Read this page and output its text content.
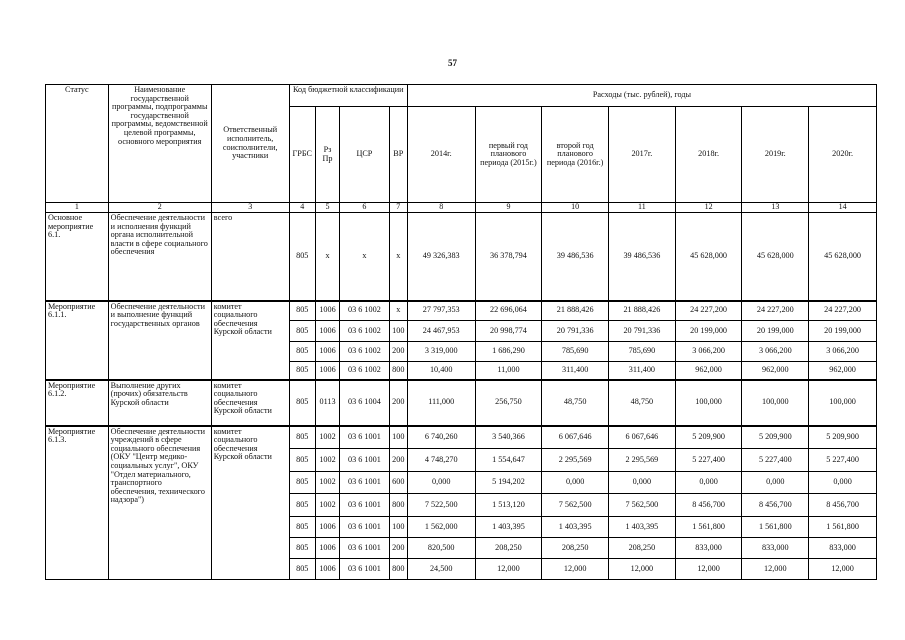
57
Статус	Наименование государственной программы, подпрограммы государственной программы, ведомственной целевой программы, основного мероприятия	Ответственный исполнитель, соисполнители, участники	Код бюджетной классификации				Расходы (тыс. рублей), годы						
			ГРБС	Рз Пр	ЦСР	ВР	2014г.	первый год планового периода (2015г.)	второй год планового периода (2016г.)	2017г.	2018г.	2019г.	2020г.
1	2	3	4	5	6	7	8	9	10	11	12	13	14
Основное мероприятие 6.1.	Обеспечение деятельности и исполнения функций органа исполнительной власти в сфере социального обеспечения	всего	805	х	х	х	49 326,383	36 378,794	39 486,536	39 486,536	45 628,000	45 628,000	45 628,000
Мероприятие 6.1.1.	Обеспечение деятельности и выполнение функций государственных органов	комитет социального обеспечения Курской области	805	1006	03 6 1002	х	27 797,353	22 696,064	21 888,426	21 888,426	24 227,200	24 227,200	24 227,200
			805	1006	03 6 1002	100	24 467,953	20 998,774	20 791,336	20 791,336	20 199,000	20 199,000	20 199,000
			805	1006	03 6 1002	200	3 319,000	1 686,290	785,690	785,690	3 066,200	3 066,200	3 066,200
			805	1006	03 6 1002	800	10,400	11,000	311,400	311,400	962,000	962,000	962,000
Мероприятие 6.1.2.	Выполнение других (прочих) обязательств Курской области	комитет социального обеспечения Курской области	805	0113	03 6 1004	200	111,000	256,750	48,750	48,750	100,000	100,000	100,000
Мероприятие 6.1.3.	Обеспечение деятельности учреждений в сфере социального обеспечения (ОКУ "Центр медико-социальных услуг", ОКУ "Отдел материального, транспортного обеспечения, технического надзора")	комитет социального обеспечения Курской области	805	1002	03 6 1001	100	6 740,260	3 540,366	6 067,646	6 067,646	5 209,900	5 209,900	5 209,900
			805	1002	03 6 1001	200	4 748,270	1 554,647	2 295,569	2 295,569	5 227,400	5 227,400	5 227,400
			805	1002	03 6 1001	600	0,000	5 194,202	0,000	0,000	0,000	0,000	0,000
			805	1002	03 6 1001	800	7 522,500	1 513,120	7 562,500	7 562,500	8 456,700	8 456,700	8 456,700
			805	1006	03 6 1001	100	1 562,000	1 403,395	1 403,395	1 403,395	1 561,800	1 561,800	1 561,800
			805	1006	03 6 1001	200	820,500	208,250	208,250	208,250	833,000	833,000	833,000
			805	1006	03 6 1001	800	24,500	12,000	12,000	12,000	12,000	12,000	12,000
